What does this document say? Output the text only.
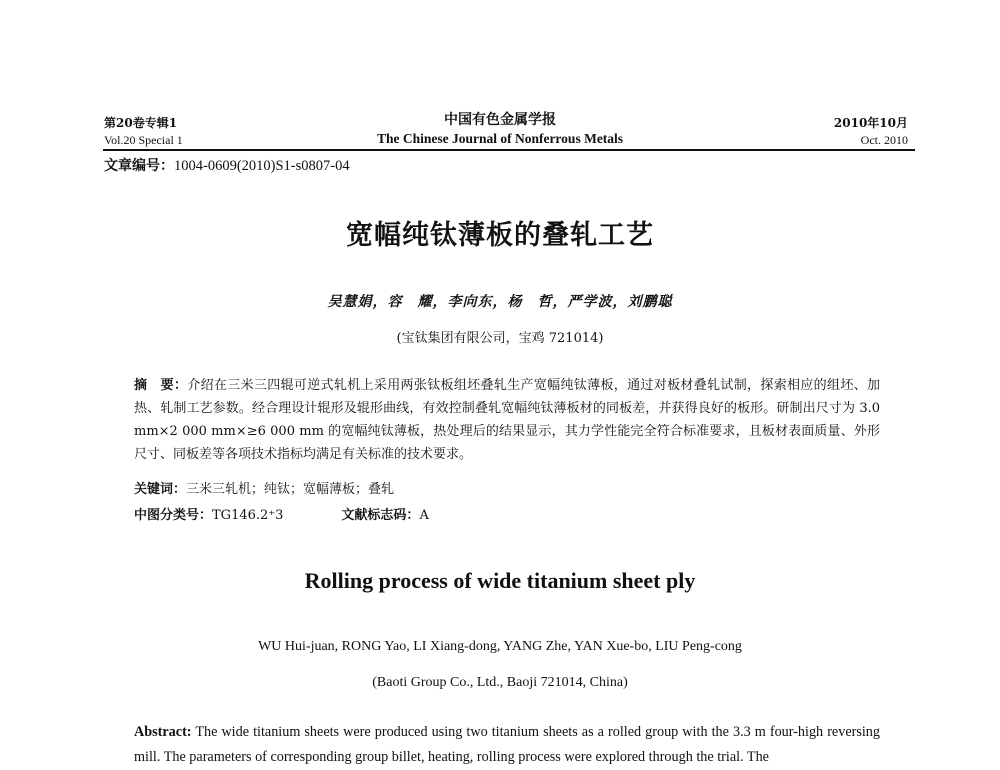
第20卷专辑1
Vol.20 Special 1
中国有色金属学报
The Chinese Journal of Nonferrous Metals
2010年10月
Oct. 2010
文章编号：1004-0609(2010)S1-s0807-04
宽幅纯钛薄板的叠轧工艺
吴慧娟，容　耀，李向东，杨　哲，严学波，刘鹏聪
(宝钛集团有限公司，宝鸡 721014)
摘　要：介绍在三米三四辊可逆式轧机上采用两张钛板组坯叠轧生产宽幅纯钛薄板，通过对板材叠轧试制，探索相应的组坯、加热、轧制工艺参数。经合理设计辊形及辊形曲线，有效控制叠轧宽幅纯钛薄板材的同板差，并获得良好的板形。研制出尺寸为 3.0 mm×2 000 mm×≥6 000 mm 的宽幅纯钛薄板，热处理后的结果显示，其力学性能完全符合标准要求，且板材表面质量、外形尺寸、同板差等各项技术指标均满足有关标准的技术要求。
关键词：三米三轧机；纯钛；宽幅薄板；叠轧
中图分类号：TG146.2⁺3	文献标志码：A
Rolling process of wide titanium sheet ply
WU Hui-juan, RONG Yao, LI Xiang-dong, YANG Zhe, YAN Xue-bo, LIU Peng-cong
(Baoti Group Co., Ltd., Baoji 721014, China)
Abstract: The wide titanium sheets were produced using two titanium sheets as a rolled group with the 3.3 m four-high reversing mill. The parameters of corresponding group billet, heating, rolling process were explored through the trial. The
